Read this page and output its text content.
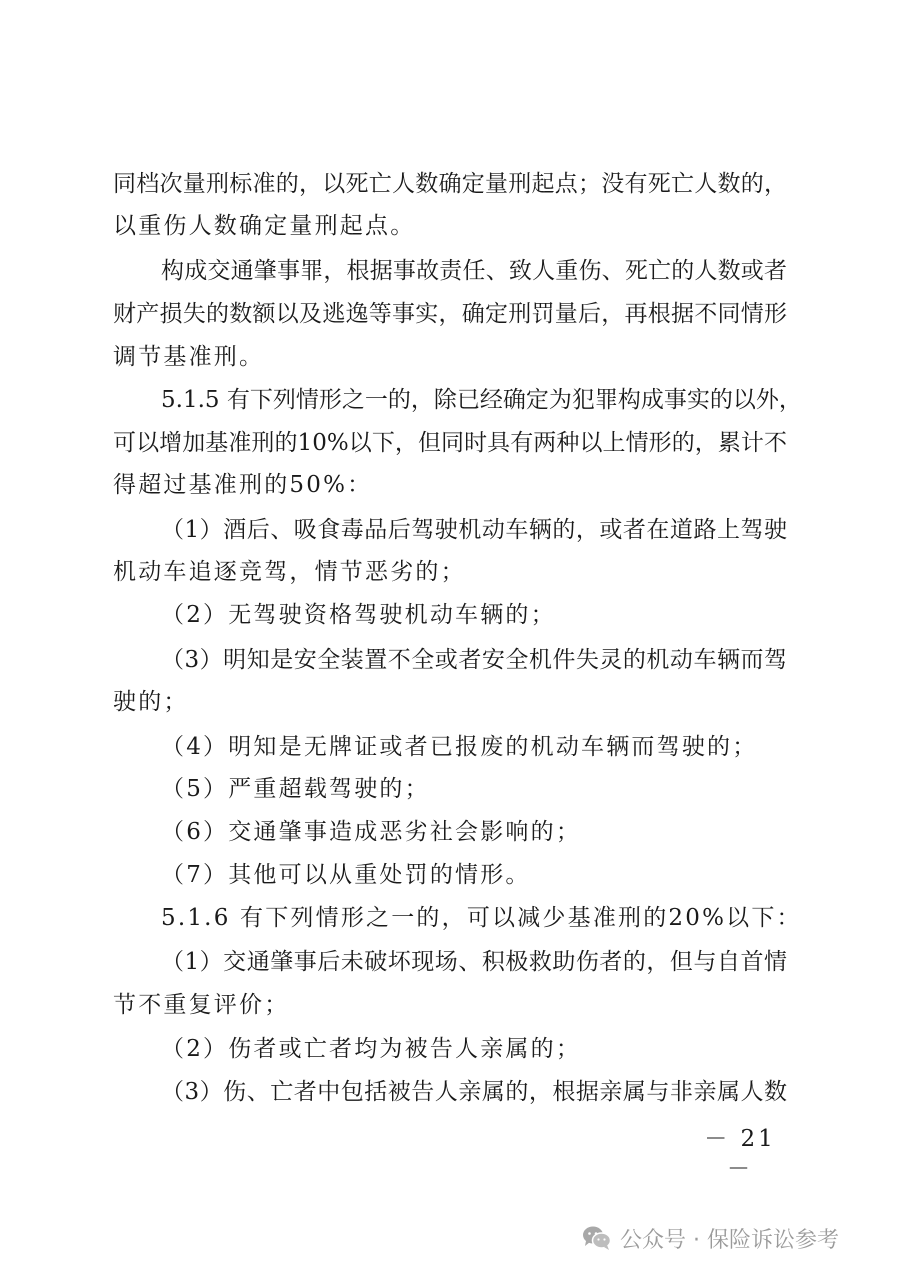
同档次量刑标准的，以死亡人数确定量刑起点；没有死亡人数的，
以重伤人数确定量刑起点。
构成交通肇事罪，根据事故责任、致人重伤、死亡的人数或者
财产损失的数额以及逃逸等事实，确定刑罚量后，再根据不同情形
调节基准刑。
5.1.5 有下列情形之一的，除已经确定为犯罪构成事实的以外，
可以增加基准刑的10%以下，但同时具有两种以上情形的，累计不
得超过基准刑的50%：
（1）酒后、吸食毒品后驾驶机动车辆的，或者在道路上驾驶
机动车追逐竞驾，情节恶劣的；
（2）无驾驶资格驾驶机动车辆的；
（3）明知是安全装置不全或者安全机件失灵的机动车辆而驾
驶的；
（4）明知是无牌证或者已报废的机动车辆而驾驶的；
（5）严重超载驾驶的；
（6）交通肇事造成恶劣社会影响的；
（7）其他可以从重处罚的情形。
5.1.6 有下列情形之一的，可以减少基准刑的20%以下：
（1）交通肇事后未破坏现场、积极救助伤者的，但与自首情
节不重复评价；
（2）伤者或亡者均为被告人亲属的；
（3）伤、亡者中包括被告人亲属的，根据亲属与非亲属人数
－ 21 －
公众号 · 保险诉讼参考
